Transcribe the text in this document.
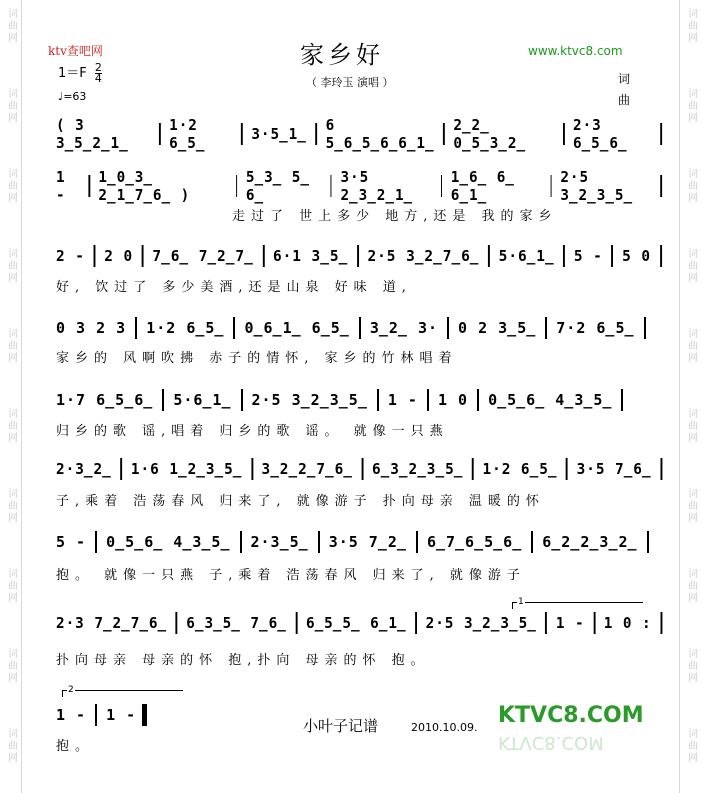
词曲网
词曲网
词曲网
词曲网
词曲网
词曲网
词曲网
词曲网
词曲网
词曲网
词曲网
词曲网
词曲网
词曲网
词曲网
词曲网
词曲网
词曲网
词曲网
词曲网
ktv查吧网
$1=F \frac{2}{4}$
♩=63
家乡好
（ 李玲玉 演唱 ）
www.ktvc8.com
词
曲
( 3 3̲5̲2̲1̲
1·2 6̲5̲	3·5̲1̲ 6 5̲6̲5̲6̲6̲1̲
2̲2̲ 0̲5̲3̲2̲
2·3 6̲5̲6̲
1 -
1̲0̲3̲ 2̲1̲7̲6̲ )
5̲3̲ 5̲ 6̲
3·5 2̲3̲2̲1̲
1̲6̲ 6̲ 6̲1̲
2·5 3̲2̲3̲5̲
走过了 世上多少 地方,还是 我的家乡
2 - 2 0 7̲6̲ 7̲2̲7̲ 6·1 3̲5̲ 2·5 3̲2̲7̲6̲ 5·6̲1̲ 5 - 5 0
好, 饮过了 多少美酒,还是山泉 好味 道,
0 3 2 3 1·2 6̲5̲ 0̲6̲1̲ 6̲5̲ 3̲2̲ 3· 0 2 3̲5̲ 7·2 6̲5̲
家乡的 风啊吹拂 赤子的情怀, 家乡的竹林唱着
1·7 6̲5̲6̲ 5·6̲1̲ 2·5 3̲2̲3̲5̲ 1 - 1 0 0̲5̲6̲ 4̲3̲5̲
归乡的歌 谣,唱着 归乡的歌 谣。 就像一只燕
2·3̲2̲ 1·6 1̲2̲3̲5̲ 3̲2̲2̲7̲6̲ 6̲3̲2̲3̲5̲ 1·2 6̲5̲ 3·5 7̲6̲
子,乘着 浩荡春风 归来了, 就像游子 扑向母亲 温暖的怀
5 - 0̲5̲6̲ 4̲3̲5̲ 2·3̲5̲ 3·5 7̲2̲ 6̲7̲6̲5̲6̲ 6̲2̲2̲3̲2̲
抱。 就像一只燕 子,乘着 浩荡春风 归来了, 就像游子
2·3 7̲2̲7̲6̲ 6̲3̲5̲ 7̲6̲ 6̲5̲5̲ 6̲1̲ 2·5 3̲2̲3̲5̲ 1 - 1 0 :
扑向母亲 母亲的怀 抱,扑向 母亲的怀 抱。
1 - 1 -
抱。
1
2
小叶子记谱	2010.10.09. KTVC8.COM
KTVC8.COM
